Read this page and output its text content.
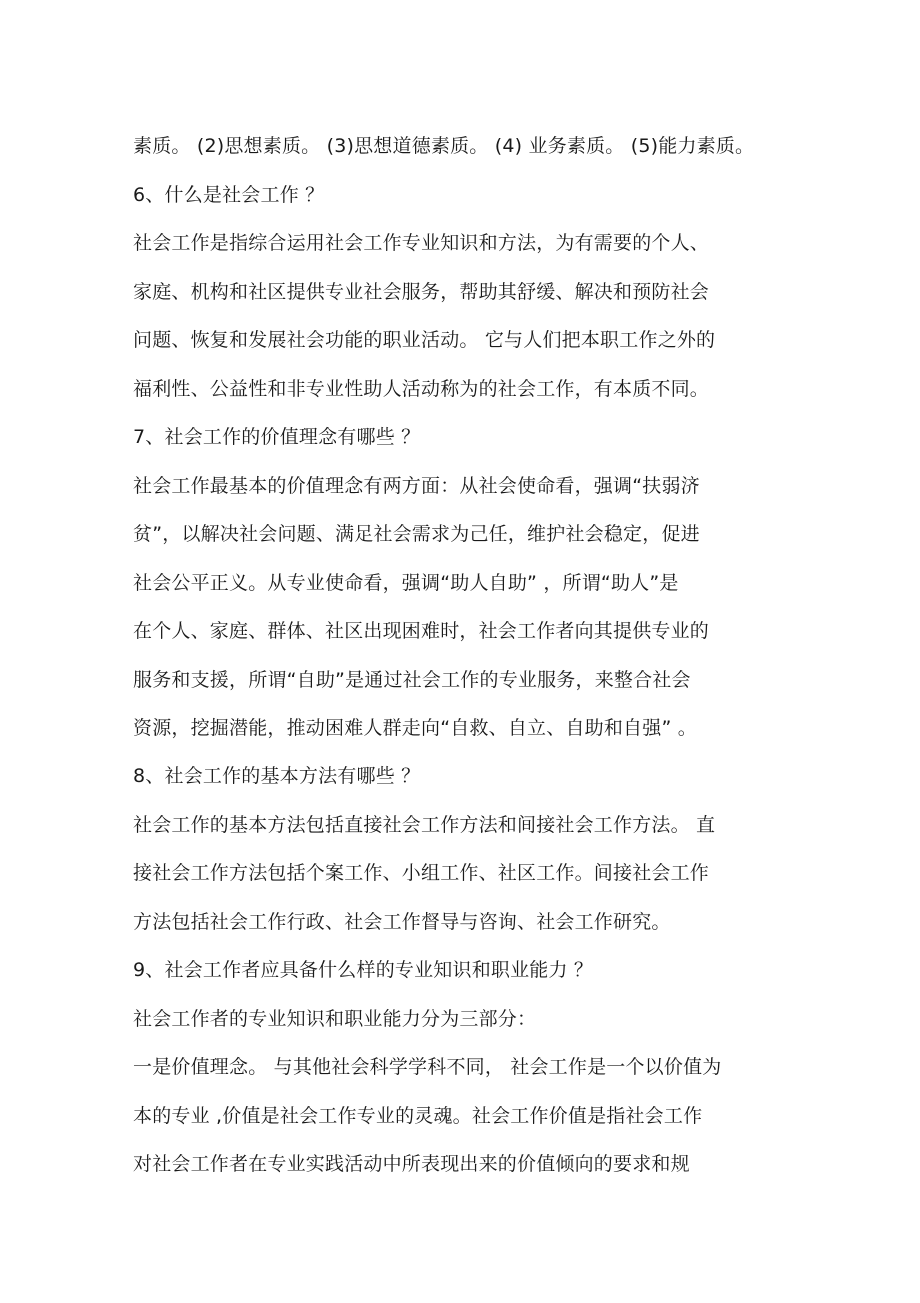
素质。 (2)思想素质。 (3)思想道德素质。 (4) 业务素质。 (5)能力素质。
6、什么是社会工作 ？
社会工作是指综合运用社会工作专业知识和方法，为有需要的个人、
家庭、机构和社区提供专业社会服务，帮助其舒缓、解决和预防社会
问题、恢复和发展社会功能的职业活动。 它与人们把本职工作之外的
福利性、公益性和非专业性助人活动称为的社会工作，有本质不同。
7、社会工作的价值理念有哪些 ？
社会工作最基本的价值理念有两方面：从社会使命看，强调“扶弱济
贫”，以解决社会问题、满足社会需求为己任，维护社会稳定，促进
社会公平正义。从专业使命看，强调“助人自助” ，所谓“助人”是
在个人、家庭、群体、社区出现困难时，社会工作者向其提供专业的
服务和支援，所谓“自助”是通过社会工作的专业服务，来整合社会
资源，挖掘潜能，推动困难人群走向“自救、自立、自助和自强” 。
8、社会工作的基本方法有哪些 ？
社会工作的基本方法包括直接社会工作方法和间接社会工作方法。 直
接社会工作方法包括个案工作、小组工作、社区工作。间接社会工作
方法包括社会工作行政、社会工作督导与咨询、社会工作研究。
9、社会工作者应具备什么样的专业知识和职业能力 ？
社会工作者的专业知识和职业能力分为三部分：
一是价值理念。 与其他社会科学学科不同， 社会工作是一个以价值为
本的专业 ,价值是社会工作专业的灵魂。社会工作价值是指社会工作
对社会工作者在专业实践活动中所表现出来的价值倾向的要求和规
